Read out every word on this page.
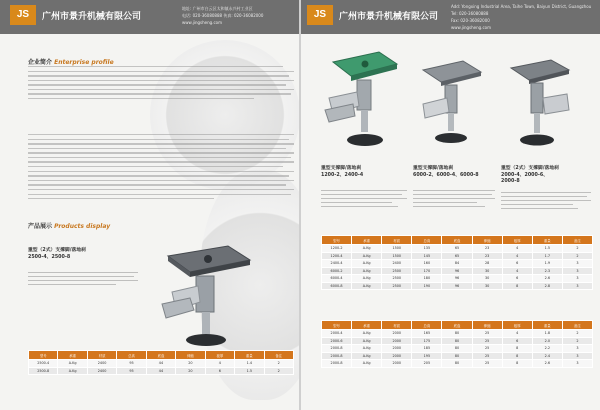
JS	广州市景升机械有限公司
地址: 广州市白云区太和镇永兴村工业区
电话: 020-36080888 传真: 020-36082000
www.jingsheng.com
企业简介 Enterprise profile
产品展示 Products display
重型（2式）支撑脚/落地刹
2500-4、2500-8
型号	承重	材质	总高	底盘	伸缩	板厚	重量	备注
2500-4	A-Kg	2400	95	44	20	4	1.4	2
2500-8	A-Kg	2400	95	44	20	6	1.5	2
JS	广州市景升机械有限公司
Add: Yongxing Industrial Area, Taihe Town, Baiyun District, Guangzhou
Tel: 020-36080888
Fax: 020-36082000
www.jingsheng.com
重型支撑脚/落地刹
1200-2、2400-4
重型支撑脚/落地刹
6000-2、6000-4、6000-8
重型（2式）支撑脚/落地刹
2000-4、2000-6、
2000-8
型号	承重	材质	总高	底盘	伸缩	板厚	重量	备注
1200-2	A-Kg	1500	135	65	23	4	1.5	2
1200-4	A-Kg	1500	145	65	23	4	1.7	2
2400-4	A-Kg	2400	160	84	28	6	1.9	3
6000-2	A-Kg	2500	170	96	30	4	2.3	3
6000-4	A-Kg	2500	180	96	30	6	2.6	3
6000-8	A-Kg	2500	190	96	30	8	2.8	3
型号	承重	材质	总高	底盘	伸缩	板厚	重量	备注
2000-4	A-Kg	2000	165	80	25	4	1.8	2
2000-6	A-Kg	2000	175	80	25	6	2.0	2
2000-8	A-Kg	2000	185	80	25	8	2.2	3
2000-8	A-Kg	2000	195	80	25	8	2.4	3
2000-8	A-Kg	2000	205	80	25	8	2.6	3
